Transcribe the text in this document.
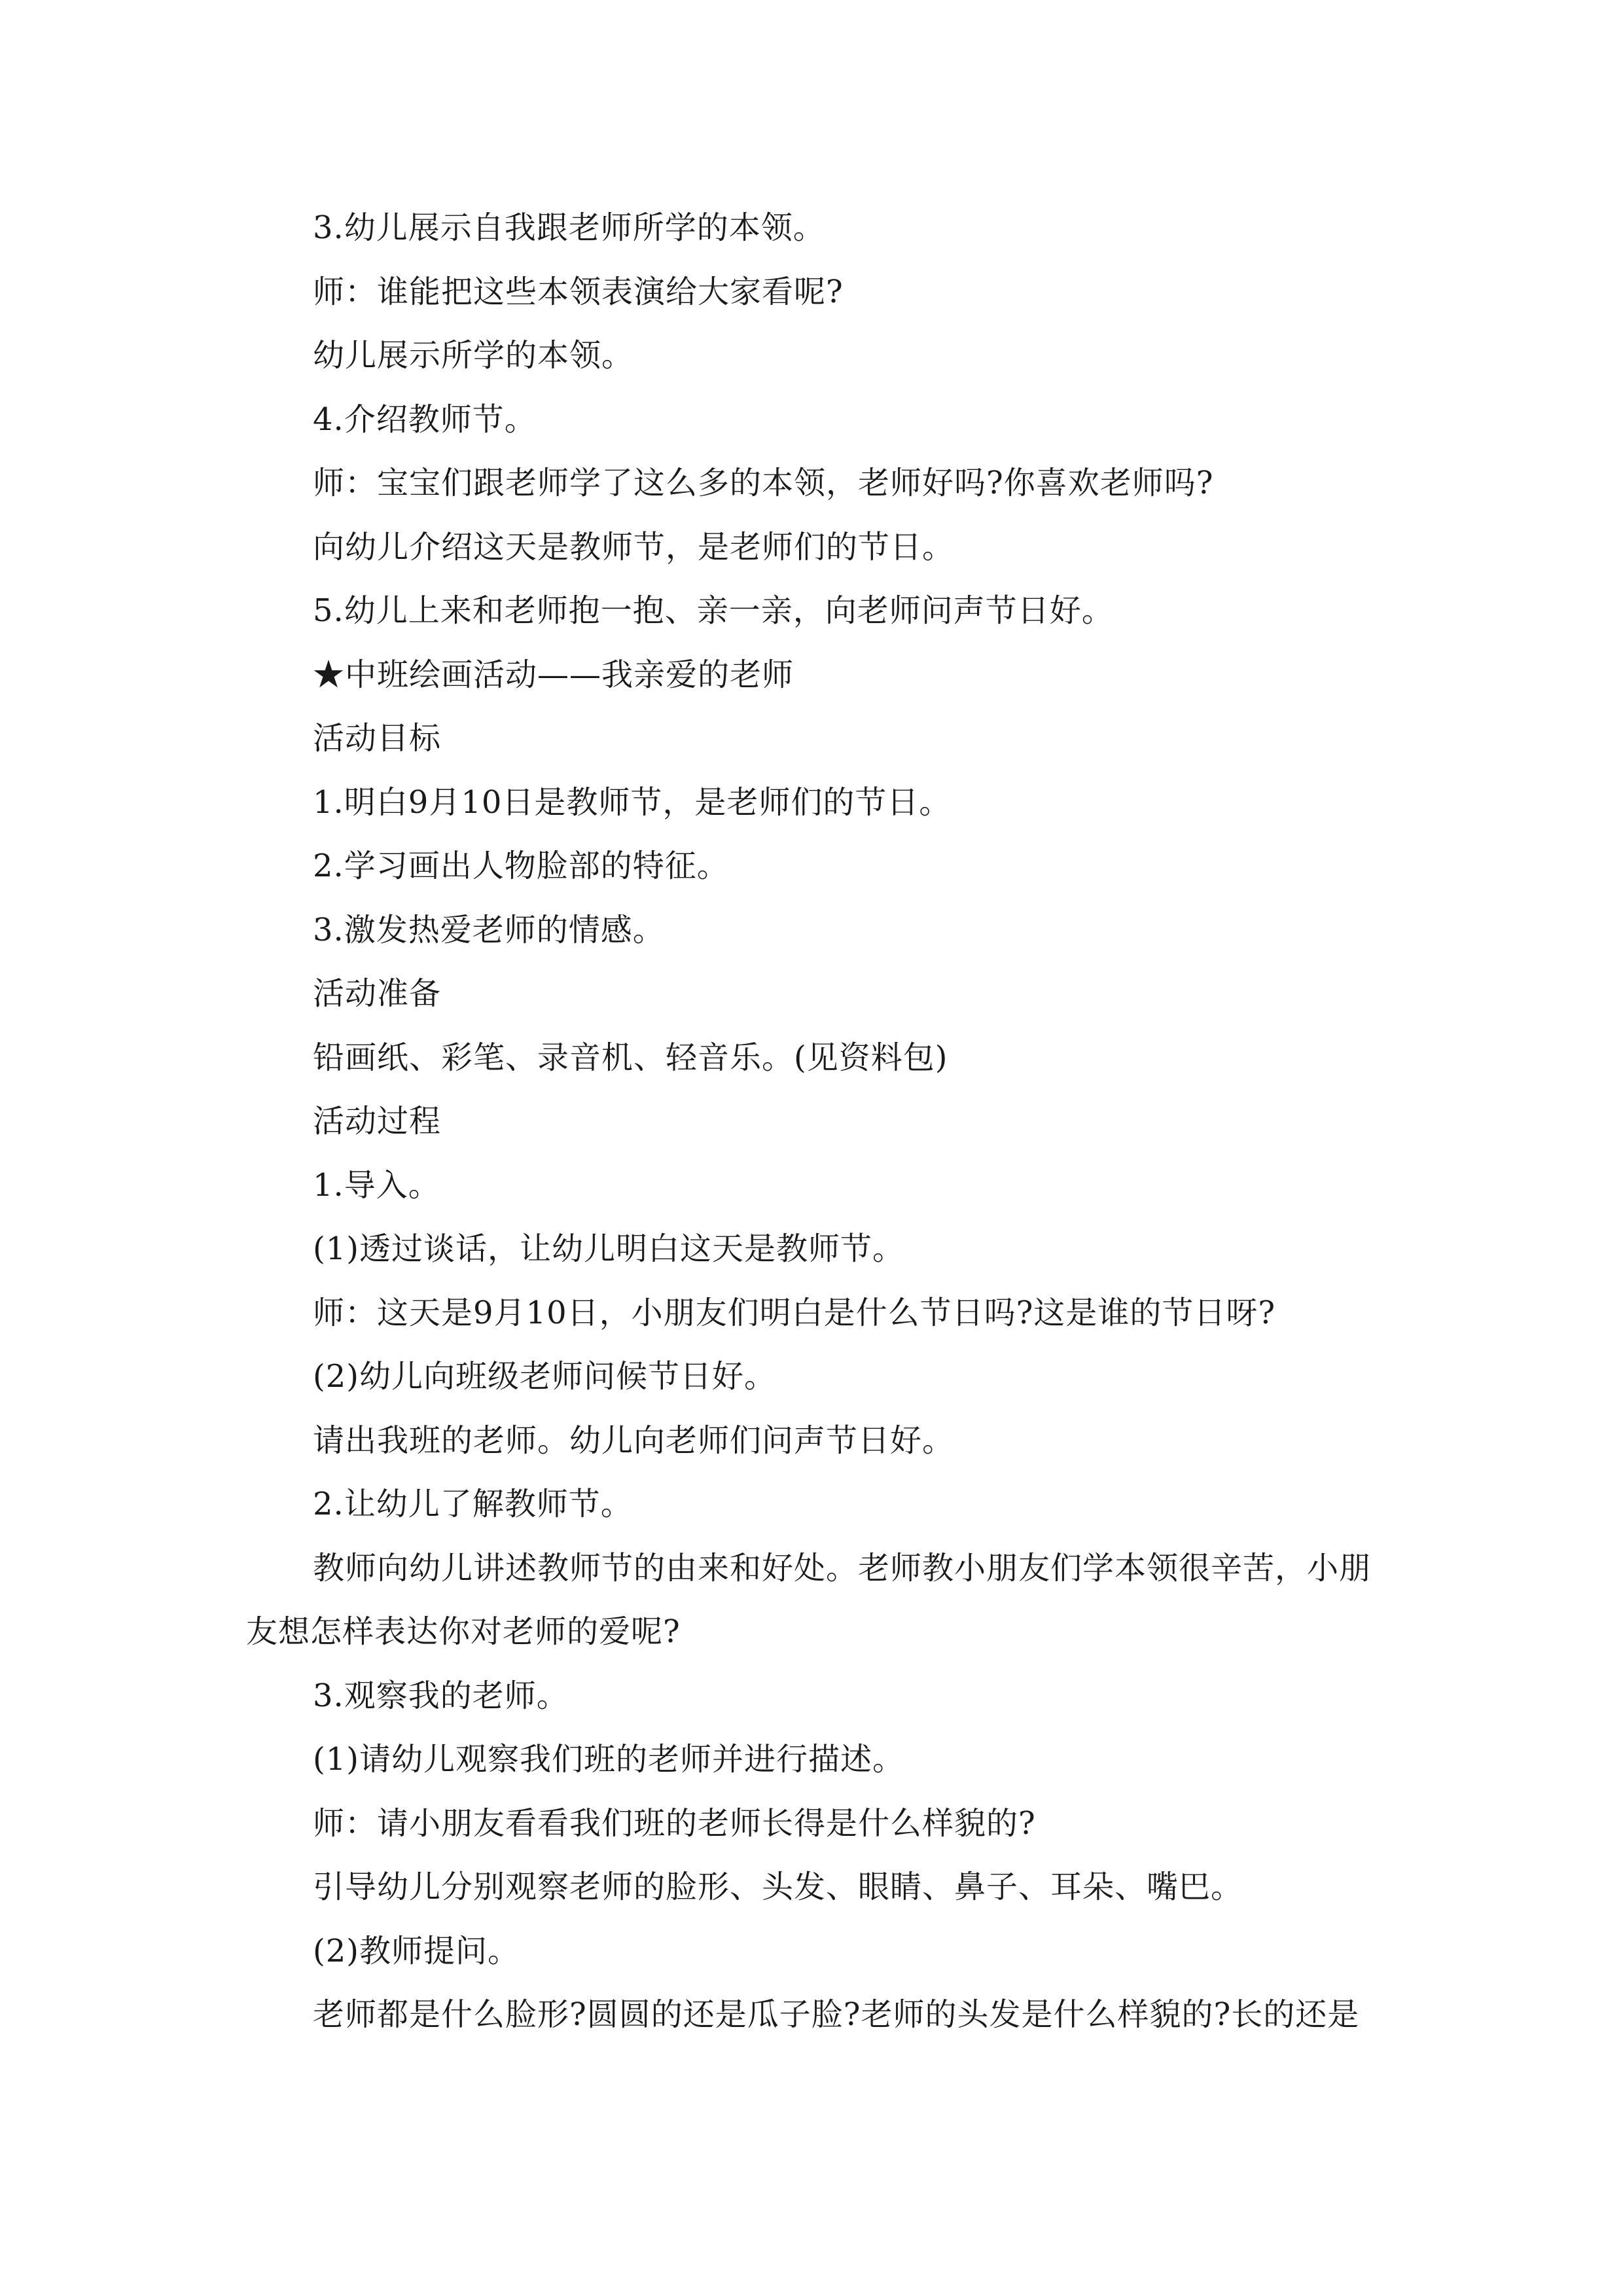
3.幼儿展示自我跟老师所学的本领。
师：谁能把这些本领表演给大家看呢?
幼儿展示所学的本领。
4.介绍教师节。
师：宝宝们跟老师学了这么多的本领，老师好吗?你喜欢老师吗?
向幼儿介绍这天是教师节，是老师们的节日。
5.幼儿上来和老师抱一抱、亲一亲，向老师问声节日好。
★中班绘画活动——我亲爱的老师
活动目标
1.明白9月10日是教师节，是老师们的节日。
2.学习画出人物脸部的特征。
3.激发热爱老师的情感。
活动准备
铅画纸、彩笔、录音机、轻音乐。(见资料包)
活动过程
1.导入。
(1)透过谈话，让幼儿明白这天是教师节。
师：这天是9月10日，小朋友们明白是什么节日吗?这是谁的节日呀?
(2)幼儿向班级老师问候节日好。
请出我班的老师。幼儿向老师们问声节日好。
2.让幼儿了解教师节。
教师向幼儿讲述教师节的由来和好处。老师教小朋友们学本领很辛苦，小朋
友想怎样表达你对老师的爱呢?
3.观察我的老师。
(1)请幼儿观察我们班的老师并进行描述。
师：请小朋友看看我们班的老师长得是什么样貌的?
引导幼儿分别观察老师的脸形、头发、眼睛、鼻子、耳朵、嘴巴。
(2)教师提问。
老师都是什么脸形?圆圆的还是瓜子脸?老师的头发是什么样貌的?长的还是
